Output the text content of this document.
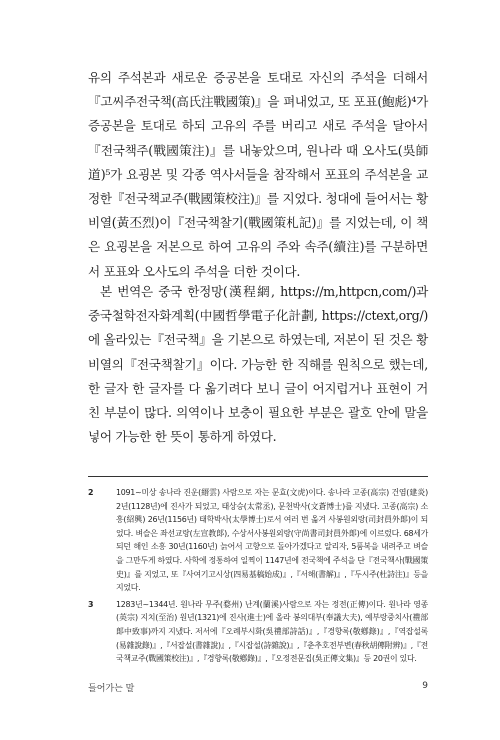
유의 주석본과 새로운 증공본을 토대로 자신의 주석을 더해서『고씨주전국책(高氏注戰國策)』을 펴내었고, 또 포표(鮑彪)⁴가 증공본을 토대로 하되 고유의 주를 버리고 새로 주석을 달아서『전국책주(戰國策注)』를 내놓았으며, 원나라 때 오사도(吳師道)⁵가 요굉본 및 각종 역사서들을 참작해서 포표의 주석본을 교정한『전국책교주(戰國策校注)』를 지었다. 청대에 들어서는 황비열(黃丕烈)이『전국책찰기(戰國策札記)』를 지었는데, 이 책은 요굉본을 저본으로 하여 고유의 주와 속주(續注)를 구분하면서 포표와 오사도의 주석을 더한 것이다.

본 번역은 중국 한정망(漢程網, https://m,httpcn,com/)과 중국철학전자화계획(中國哲學電子化計劃, https://ctext,org/)에 올라있는『전국책』을 기본으로 하였는데, 저본이 된 것은 황비열의『전국책찰기』이다. 가능한 한 직해를 원칙으로 했는데, 한 글자 한 글자를 다 옮기려다 보니 글이 어지럽거나 표현이 거친 부분이 많다. 의역이나 보충이 필요한 부분은 괄호 안에 말을 넣어 가능한 한 뜻이 통하게 하였다.

2	1091~미상 송나라 진운(縉雲) 사람으로 자는 문효(文虎)이다. 송나라 고종(高宗) 건염(建炎) 2년(1128년)에 진사가 되었고, 태상승(太常丞), 문천박사(文蒼博士)를 지냈다. 고종(高宗) 소흥(紹興) 26년(1156년) 태학박사(太學博士)로서 여러 번 옮겨 사봉원외랑(司封員外郞)이 되었다. 벼슬은 좌선교랑(左宣教郞), 수상서사봉원외랑(守尚書司封員外郞)에 이르렀다. 68세가 되던 해인 소흥 30년(1160년) 늙어서 고향으로 돌아가겠다고 알리자, 5품복을 내려주고 벼슬을 그만두게 하였다. 사학에 정통하여 일찍이 1147년에 전국책에 주석을 단『전국책사(戰國策史)』를 지었고, 또『사여기고시상(四易基稿始成)』,『서해(書解)』,『두시주(杜詩注)』등을 지었다.
3	1283년~1344년. 원나라 무주(婺州) 난계(蘭溪)사람으로 자는 정전(正傳)이다. 원나라 영종(英宗) 지치(至治) 원년(1321)에 진사(進士)에 올라 봉의대부(奉議大夫), 예부랑중치사(禮部郞中致事)까지 지냈다. 저서에『오례부시화(吳禮部詩話)』,『경향록(敬鄕錄)』,『역잡설록(易雜說錄)』,『서잡설(書雜說)』,『시잡설(詩雜說)』,『춘추호전부변(春秋胡傳附辨)』,『전국책교주(戰國策校注)』,『경향록(敬鄕錄)』,『오정전문집(吳正傳文集)』등 20권이 있다.
들어가는 말	9
